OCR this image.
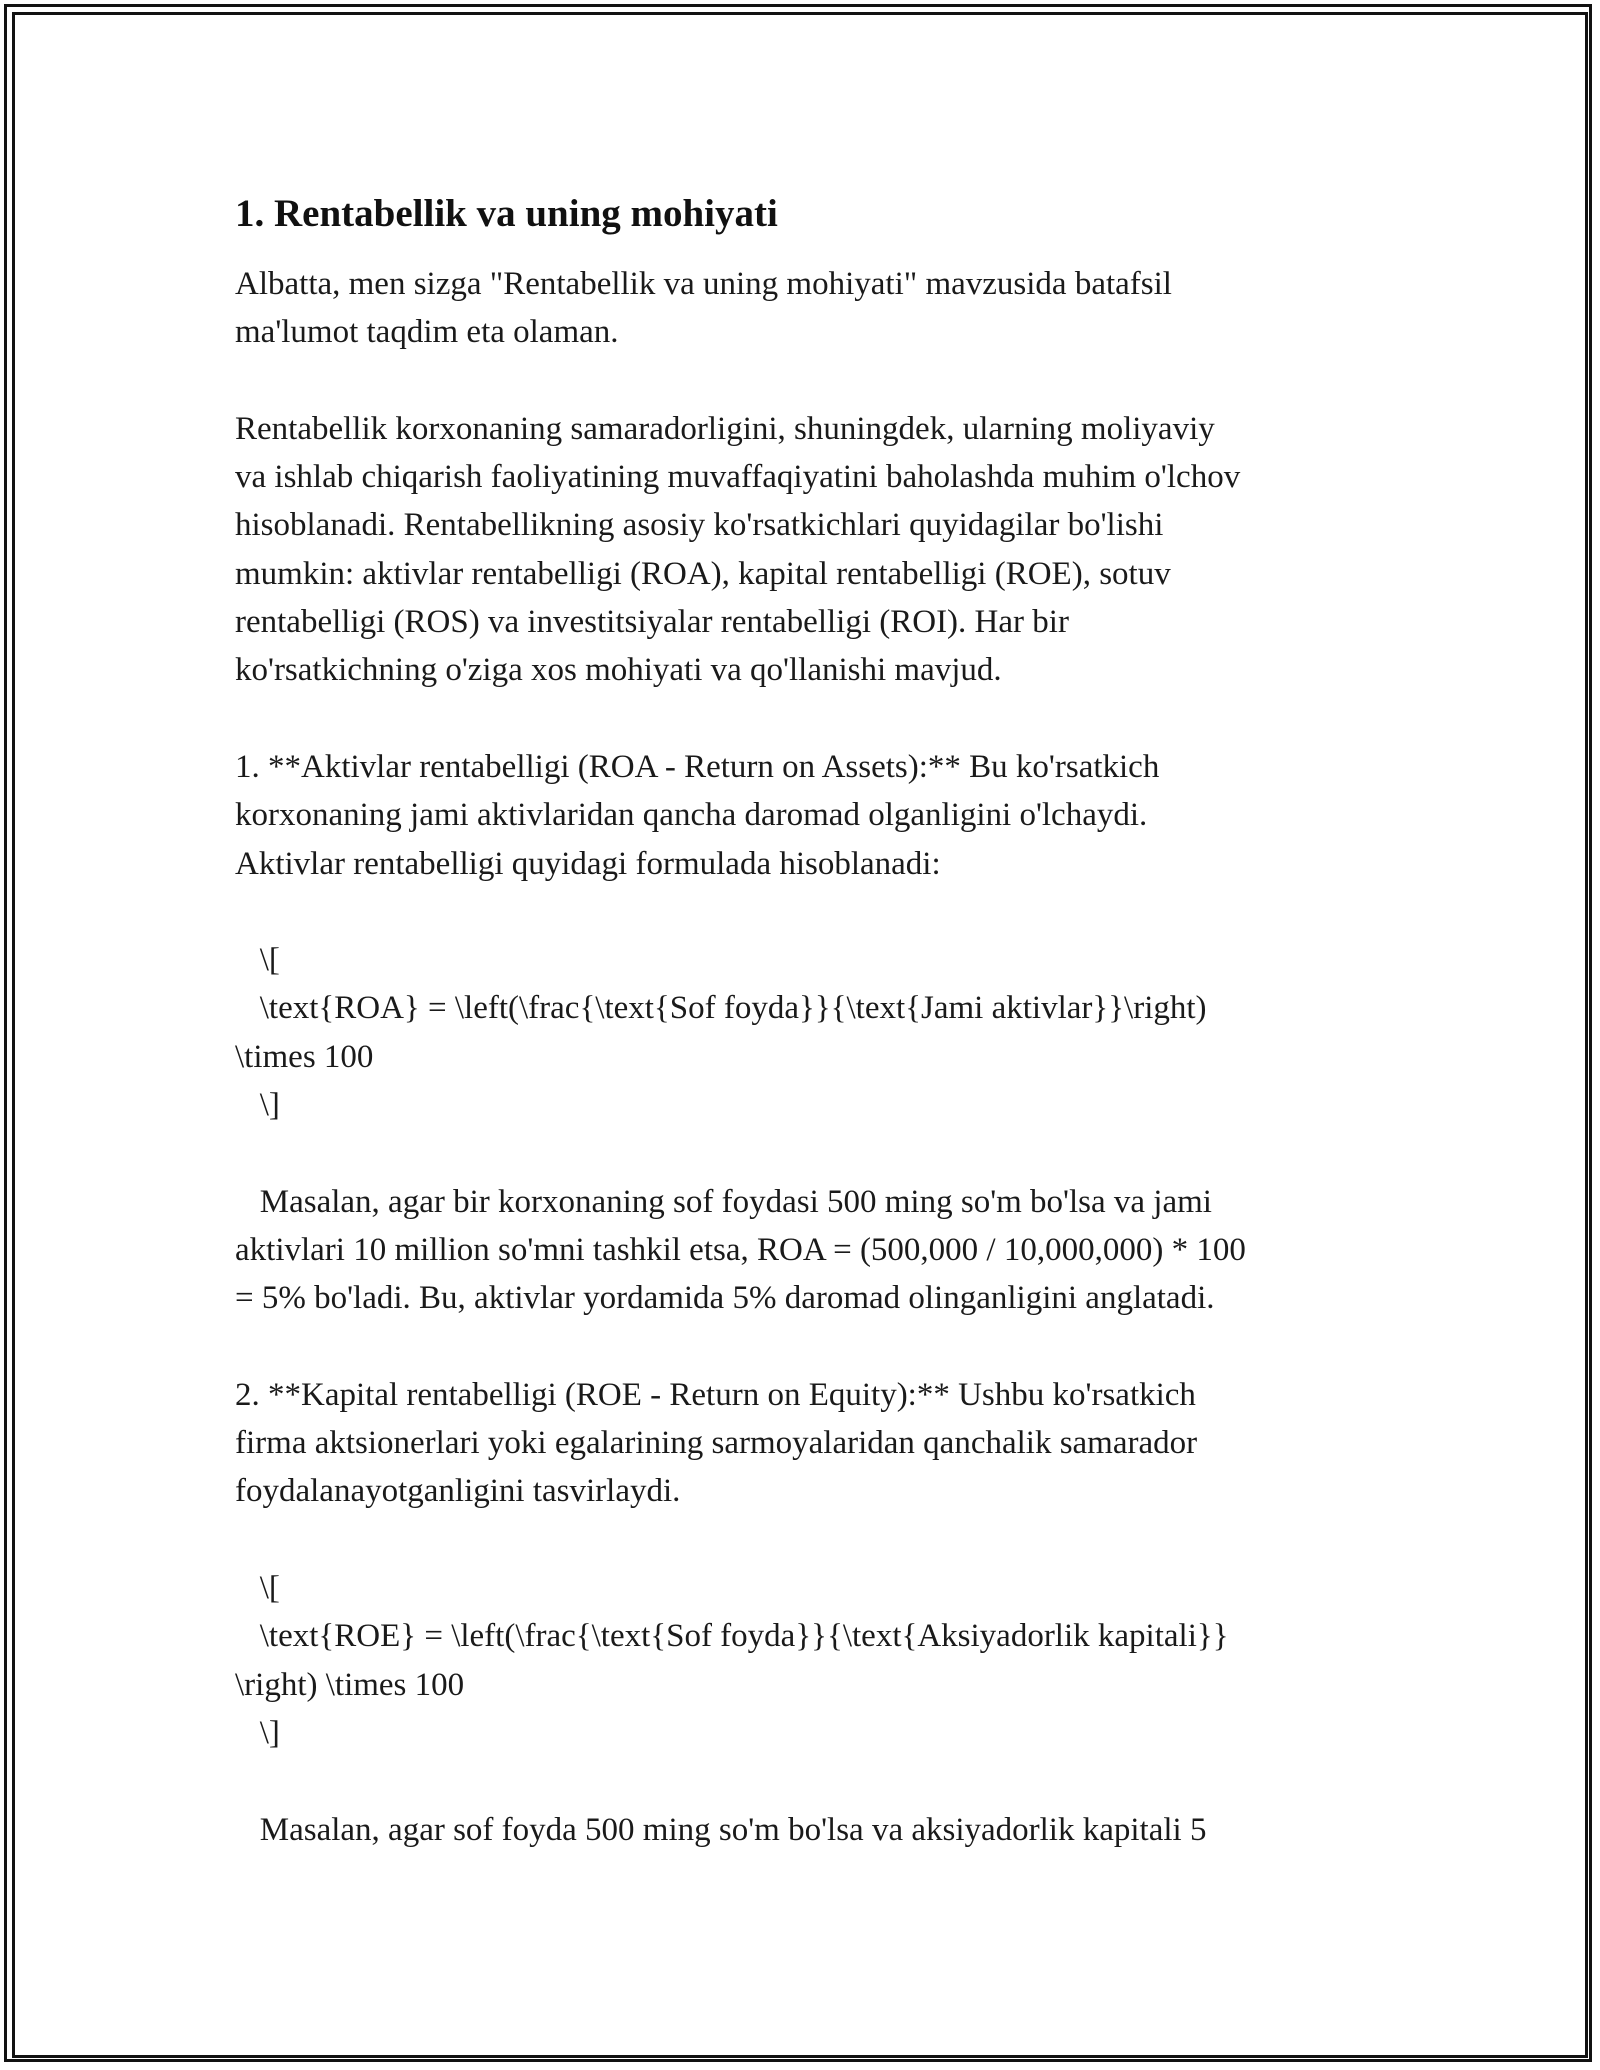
1. Rentabellik va uning mohiyati

Albatta, men sizga "Rentabellik va uning mohiyati" mavzusida batafsil
ma'lumot taqdim eta olaman.

Rentabellik korxonaning samaradorligini, shuningdek, ularning moliyaviy
va ishlab chiqarish faoliyatining muvaffaqiyatini baholashda muhim o'lchov
hisoblanadi. Rentabellikning asosiy ko'rsatkichlari quyidagilar bo'lishi
mumkin: aktivlar rentabelligi (ROA), kapital rentabelligi (ROE), sotuv
rentabelligi (ROS) va investitsiyalar rentabelligi (ROI). Har bir
ko'rsatkichning o'ziga xos mohiyati va qo'llanishi mavjud.

1. **Aktivlar rentabelligi (ROA - Return on Assets):** Bu ko'rsatkich
korxonaning jami aktivlaridan qancha daromad olganligini o'lchaydi.
Aktivlar rentabelligi quyidagi formulada hisoblanadi:

\[
\text{ROA} = \left(\frac{\text{Sof foyda}}{\text{Jami aktivlar}}\right)
\times 100
\]

Masalan, agar bir korxonaning sof foydasi 500 ming so'm bo'lsa va jami
aktivlari 10 million so'mni tashkil etsa, ROA = (500,000 / 10,000,000) * 100
= 5% bo'ladi. Bu, aktivlar yordamida 5% daromad olinganligini anglatadi.

2. **Kapital rentabelligi (ROE - Return on Equity):** Ushbu ko'rsatkich
firma aktsionerlari yoki egalarining sarmoyalaridan qanchalik samarador
foydalanayotganligini tasvirlaydi.

\[
\text{ROE} = \left(\frac{\text{Sof foyda}}{\text{Aksiyadorlik kapitali}}
\right) \times 100
\]

Masalan, agar sof foyda 500 ming so'm bo'lsa va aksiyadorlik kapitali 5
